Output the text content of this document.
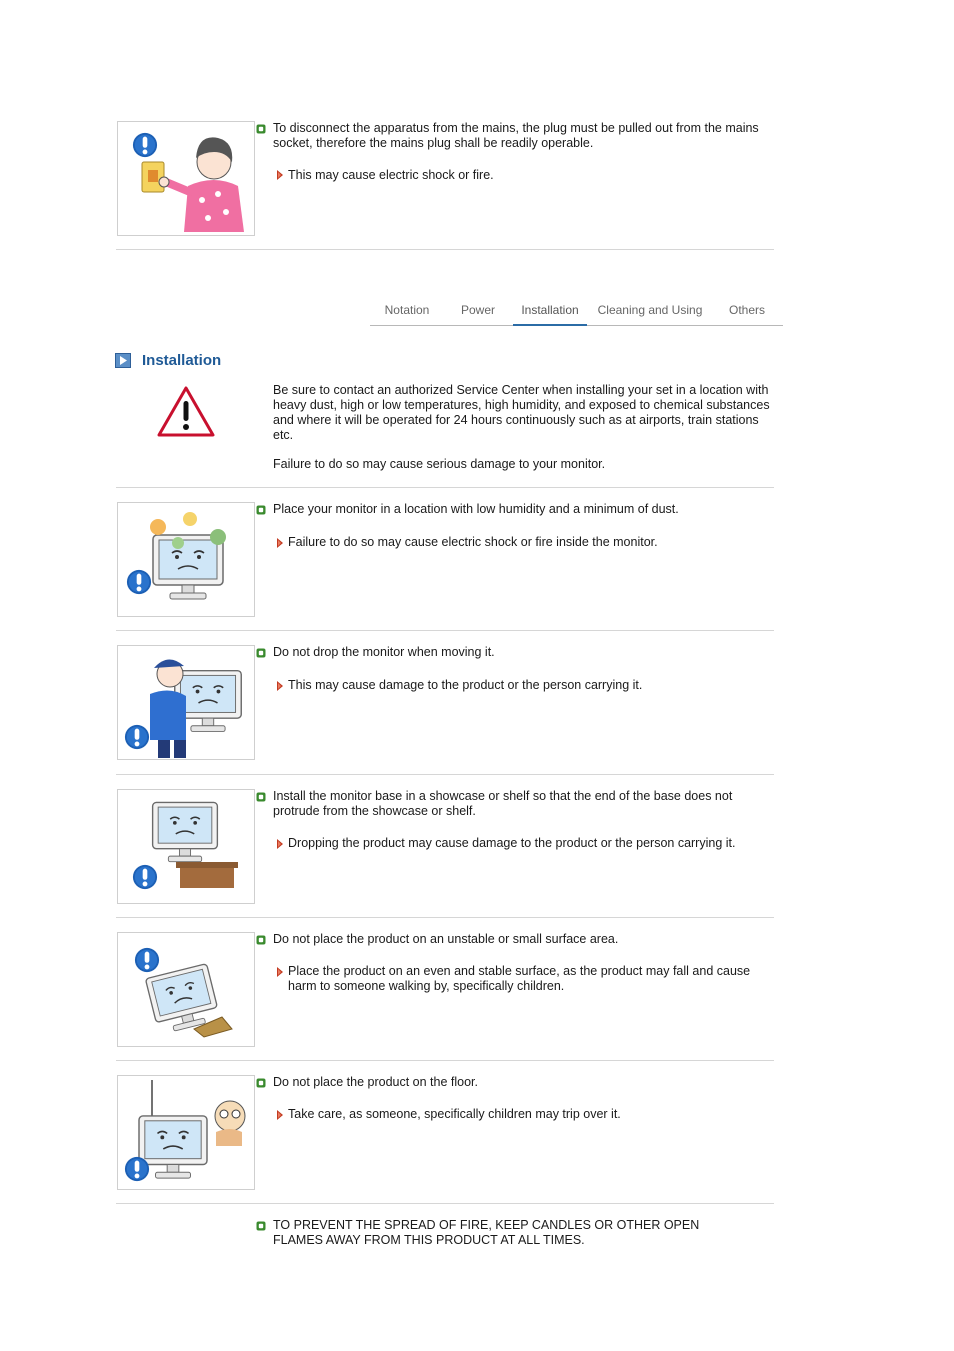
To disconnect the apparatus from the mains, the plug must be pulled out from the mains socket, therefore the mains plug shall be readily operable.
This may cause electric shock or fire.
Notation	Power	Installation	Cleaning and Using	Others
Installation
Be sure to contact an authorized Service Center when installing your set in a location with heavy dust, high or low temperatures, high humidity, and exposed to chemical substances and where it will be operated for 24 hours continuously such as at airports, train stations etc.
Failure to do so may cause serious damage to your monitor.
Place your monitor in a location with low humidity and a minimum of dust.
Failure to do so may cause electric shock or fire inside the monitor.
Do not drop the monitor when moving it.
This may cause damage to the product or the person carrying it.
Install the monitor base in a showcase or shelf so that the end of the base does not protrude from the showcase or shelf.
Dropping the product may cause damage to the product or the person carrying it.
Do not place the product on an unstable or small surface area.
Place the product on an even and stable surface, as the product may fall and cause harm to someone walking by, specifically children.
Do not place the product on the floor.
Take care, as someone, specifically children may trip over it.
TO PREVENT THE SPREAD OF FIRE, KEEP CANDLES OR OTHER OPEN FLAMES AWAY FROM THIS PRODUCT AT ALL TIMES.
